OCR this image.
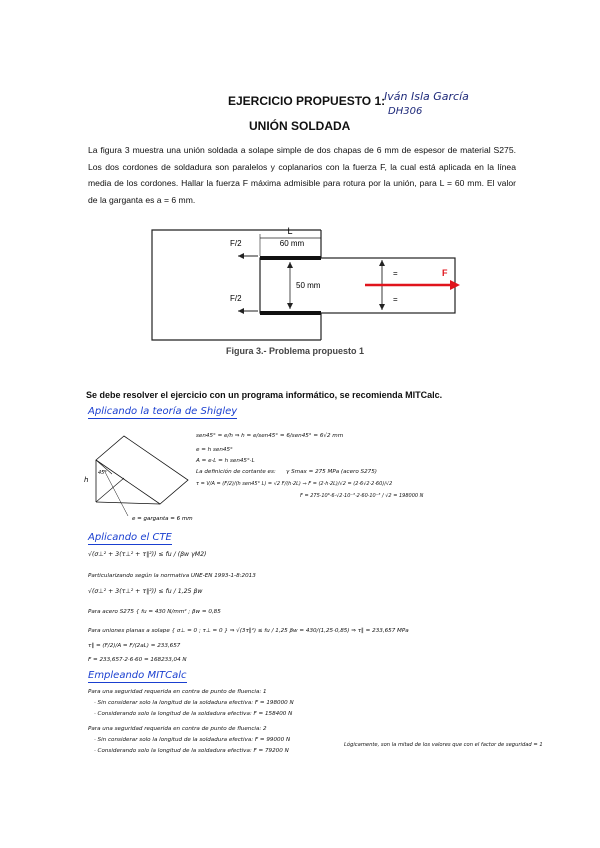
EJERCICIO PROPUESTO 1:
Iván Isla García
DH306
UNIÓN SOLDADA
La figura 3 muestra una unión soldada a solape simple de dos chapas de 6 mm de espesor de material S275. Los dos cordones de soldadura son paralelos y coplanarios con la fuerza F, la cual está aplicada en la línea media de los cordones. Hallar la fuerza F máxima admisible para rotura por la unión, para L = 60 mm. El valor de la garganta es a = 6 mm.
L
60 mm
50 mm
F/2
F/2
=
=
F
Figura 3.- Problema propuesto 1
Se debe resolver el ejercicio con un programa informático, se recomienda MITCalc.
Aplicando la teoría de Shigley
h
45°
e = garganta = 6 mm
sen45° = e/h ⇒ h = e/sen45° = 6/sen45° = 6√2 mm
e = h sen45°
A = e·L = h sen45°·L
La definición de cortante es:
τ = V/A = (F/2)/(h sen45° L) = √2 F/(h·2L) ⇒ F = (2·h·2L)/√2 = (2·6√2·2·60)/√2
γ Smax = 275 MPa (acero S275)
F = 275·10⁶·6·√2·10⁻³·2·60·10⁻³ / √2 = 198000 N
Aplicando el CTE
√(σ⊥² + 3(τ⊥² + τ∥²)) ≤ fu / (βw γM2)
Particularizando según la normativa UNE-EN 1993-1-8:2013
√(σ⊥² + 3(τ⊥² + τ∥²)) ≤ fu / 1,25 βw
Para acero S275 { fu = 430 N/mm² ; βw = 0,85
Para uniones planas a solape { σ⊥ = 0 ; τ⊥ = 0 } ⇒ √(3τ∥²) ≤ fu / 1,25 βw = 430/(1,25·0,85) ⇒ τ∥ = 233,657 MPa
τ∥ = (F/2)/A = F/(2aL) = 233,657
F = 233,657·2·6·60 = 168233,04 N
Empleando MITCalc
Para una seguridad requerida en contra de punto de fluencia: 1
· Sin considerar solo la longitud de la soldadura efectiva: F = 198000 N
· Considerando solo la longitud de la soldadura efectiva: F = 158400 N
Para una seguridad requerida en contra de punto de fluencia: 2
· Sin considerar solo la longitud de la soldadura efectiva: F = 99000 N
· Considerando solo la longitud de la soldadura efectiva: F = 79200 N
Lógicamente, son la mitad de los valores que con el factor de seguridad = 1
